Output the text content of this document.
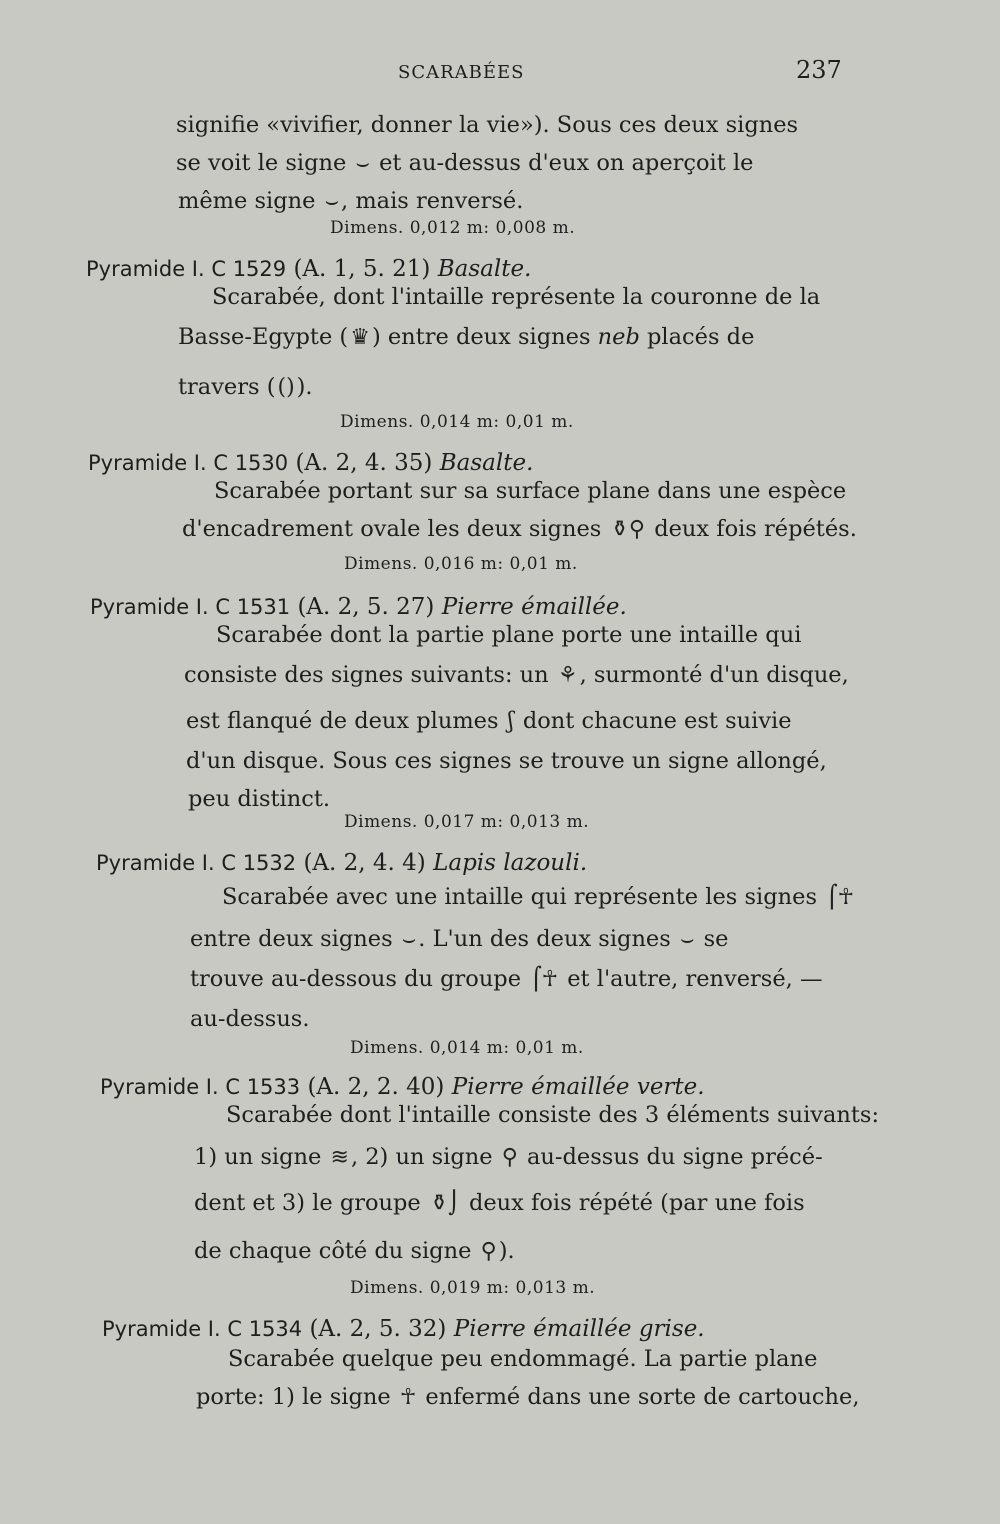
SCARABÉES	237
signifie «vivifier, donner la vie»). Sous ces deux signes
se voit le signe ⌣ et au-dessus d'eux on aperçoit le
même signe ⌣, mais renversé.
Dimens. 0,012 m: 0,008 m.
Pyramide I. C 1529 (A. 1, 5. 21) Basalte.
Scarabée, dont l'intaille représente la couronne de la
Basse-Egypte (♛) entre deux signes neb placés de
travers (()).
Dimens. 0,014 m: 0,01 m.
Pyramide I. C 1530 (A. 2, 4. 35) Basalte.
Scarabée portant sur sa surface plane dans une espèce
d'encadrement ovale les deux signes ⚱⚲ deux fois répétés.
Dimens. 0,016 m: 0,01 m.
Pyramide I. C 1531 (A. 2, 5. 27) Pierre émaillée.
Scarabée dont la partie plane porte une intaille qui
consiste des signes suivants: un ⚘, surmonté d'un disque,
est flanqué de deux plumes ʃ dont chacune est suivie
d'un disque. Sous ces signes se trouve un signe allongé,
peu distinct.
Dimens. 0,017 m: 0,013 m.
Pyramide I. C 1532 (A. 2, 4. 4) Lapis lazouli.
Scarabée avec une intaille qui représente les signes ⌠☥
entre deux signes ⌣. L'un des deux signes ⌣ se
trouve au-dessous du groupe ⌠☥ et l'autre, renversé, —
au-dessus.
Dimens. 0,014 m: 0,01 m.
Pyramide I. C 1533 (A. 2, 2. 40) Pierre émaillée verte.
Scarabée dont l'intaille consiste des 3 éléments suivants:
1) un signe ≋, 2) un signe ⚲ au-dessus du signe précé-
dent et 3) le groupe ⚱⌡ deux fois répété (par une fois
de chaque côté du signe ⚲).
Dimens. 0,019 m: 0,013 m.
Pyramide I. C 1534 (A. 2, 5. 32) Pierre émaillée grise.
Scarabée quelque peu endommagé. La partie plane
porte: 1) le signe ☥ enfermé dans une sorte de cartouche,
